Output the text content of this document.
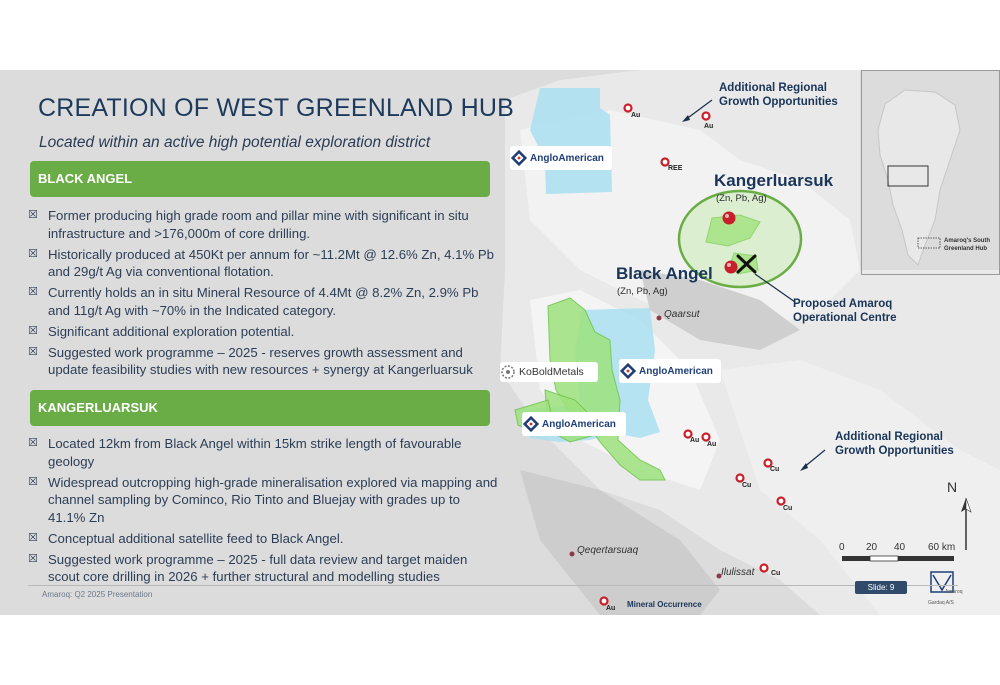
Amaroq's South
Greenland Hub
CREATION OF WEST GREENLAND HUB
Located within an active high potential exploration district
BLACK ANGEL
☒ Former producing high grade room and pillar mine with significant in situ infrastructure and >176,000m of core drilling.
☒ Historically produced at 450Kt per annum for ~11.2Mt @ 12.6% Zn, 4.1% Pb and 29g/t Ag via conventional flotation.
☒ Currently holds an in situ Mineral Resource of 4.4Mt @ 8.2% Zn, 2.9% Pb and 11g/t Ag with ~70% in the Indicated category.
☒ Significant additional exploration potential.
☒ Suggested work programme – 2025 - reserves growth assessment and update feasibility studies with new resources + synergy at Kangerluarsuk
KANGERLUARSUK
☒ Located 12km from Black Angel within 15km strike length of favourable geology
☒ Widespread outcropping high-grade mineralisation explored via mapping and channel sampling by Cominco, Rio Tinto and Bluejay with grades up to 41.1% Zn
☒ Conceptual additional satellite feed to Black Angel.
☒ Suggested work programme – 2025 - full data review and target maiden scout core drilling in 2026 + further structural and modelling studies
Additional Regional
Growth Opportunities
Additional Regional
Growth Opportunities
Proposed Amaroq
Operational Centre
Kangerluarsuk
(Zn, Pb, Ag)
Black Angel
(Zn, Pb, Ag)
Qaarsut
Qeqertarsuaq
Ilulissat
Au
Au
REE
Au
Au
Cu
Cu
Cu
Cu
Au
AngloAmerican
AngloAmerican
AngloAmerican
KoBoldMetals
0 20 40 60 km
N
Amaroq: Q2 2025 Presentation
Slide: 9
Mineral Occurrence
Amaroq
Gardaq A/S
